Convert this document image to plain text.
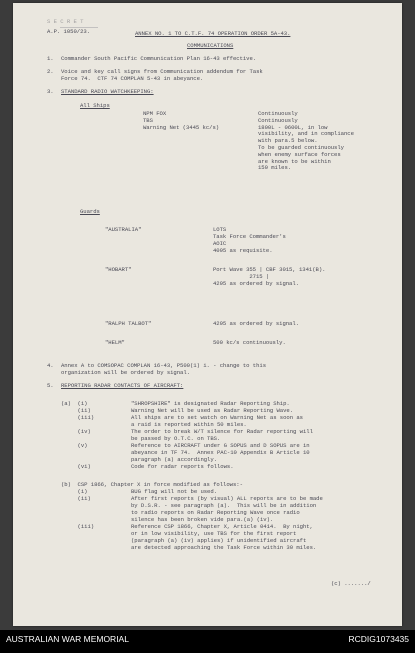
S E C R E T
A.P. 1050/23.	ANNEX NO. 1 TO C.T.F. 74 OPERATION ORDER 5A-43.
COMMUNICATIONS
1. Commander South Pacific Communication Plan 16-43 effective.
2. Voice and key call signs from Communication addendum for Task
Force 74.  CTF 74 COMPLAN 5-43 in abeyance.
3. STANDARD RADIO WATCHKEEPING:
All Ships
Guards
4. Annex A to COMSOPAC COMPLAN 16-43, P500(1) i. - change to this
organization will be ordered by signal.
5. REPORTING RADAR CONTACTS OF AIRCRAFT:
(c) ......./
NPM FOX	Continuously
TBS	Continuously
Warning Net (3445 kc/s)	1800L - 0600L, in low
visibility, and in compliance
with para.5 below.
To be guarded continuously
when enemy surface forces
are known to be within
150 miles.
"AUSTRALIA"	LOTS
Task Force Commander's
AOIC
4095 as requisite.
"HOBART"	Port Wave 355 | CBF 3015, 1341(B).
2715 |
4295 as ordered by signal.
"RALPH TALBOT"	4295 as ordered by signal.
"HELM"	500 kc/s continuously.
(a)  (i)	"SHROPSHIRE" is designated Radar Reporting Ship.
(ii)	Warning Net will be used as Radar Reporting Wave.
(iii)	All ships are to set watch on Warning Net as soon as
a raid is reported within 50 miles.
(iv)	The order to break W/T silence for Radar reporting will
be passed by O.T.C. on TBS.
(v)	Reference to AIRCRAFT under G SOPUS and D SOPUS are in
abeyance in TF 74.  Annex PAC-10 Appendix B Article 10
paragraph (a) accordingly.
(vi)	Code for radar reports follows.
(b)  CSP 1866, Chapter X in force modified as follows:-
(i)	BUG flag will not be used.
(ii)	After first reports (by visual) ALL reports are to be made
by D.S.R. - see paragraph (a).  This will be in addition
to radio reports on Radar Reporting Wave once radio
silence has been broken vide para.(a) (iv).
(iii)	Reference CSP 1866, Chapter X, Article 0414.  By night,
or in low visibility, use TBS for the first report
(paragraph (a) (iv) applies) if unidentified aircraft
are detected approaching the Task Force within 30 miles.
AUSTRALIAN WAR MEMORIAL	RCDIG1073435
